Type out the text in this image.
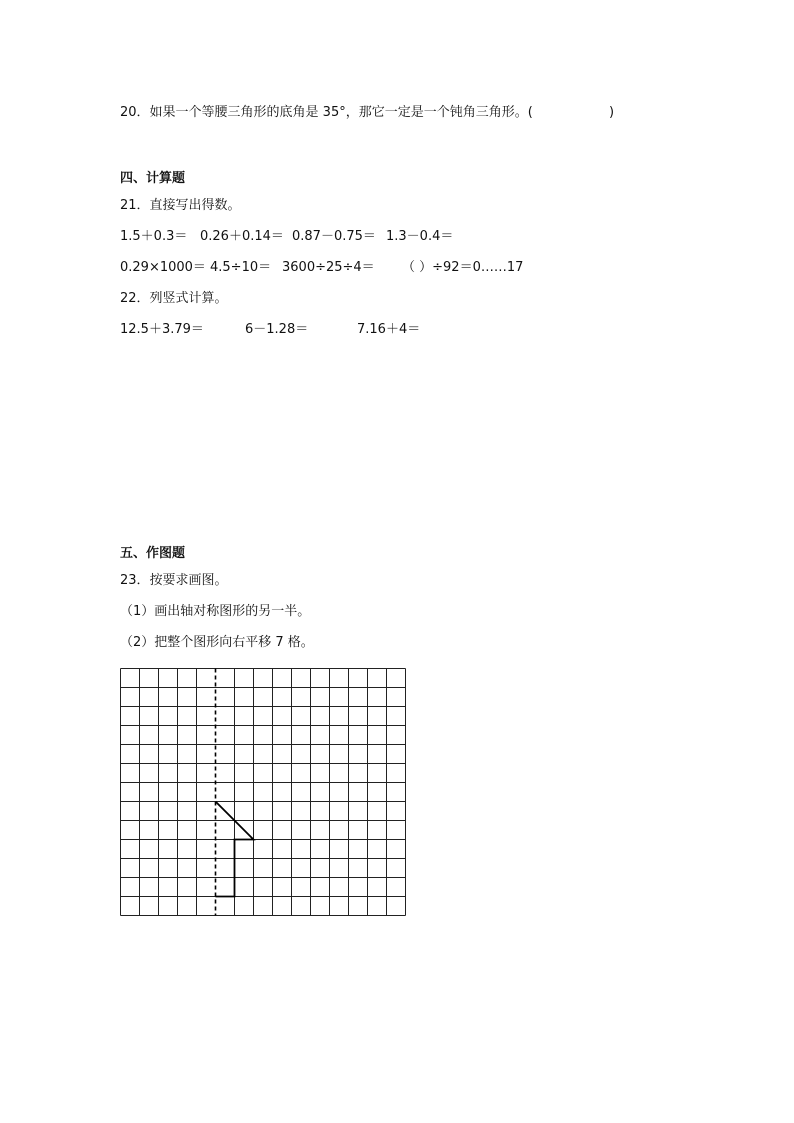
20．如果一个等腰三角形的底角是 35°，那它一定是一个钝角三角形。(	)
四、计算题
21．直接写出得数。
1.5＋0.3＝ 0.26＋0.14＝ 0.87－0.75＝ 1.3－0.4＝
0.29×1000＝ 4.5÷10＝ 3600÷25÷4＝ （ ）÷92＝0……17
22．列竖式计算。
12.5＋3.79＝	6－1.28＝	7.16＋4＝
五、作图题
23．按要求画图。
（1）画出轴对称图形的另一半。
（2）把整个图形向右平移 7 格。
